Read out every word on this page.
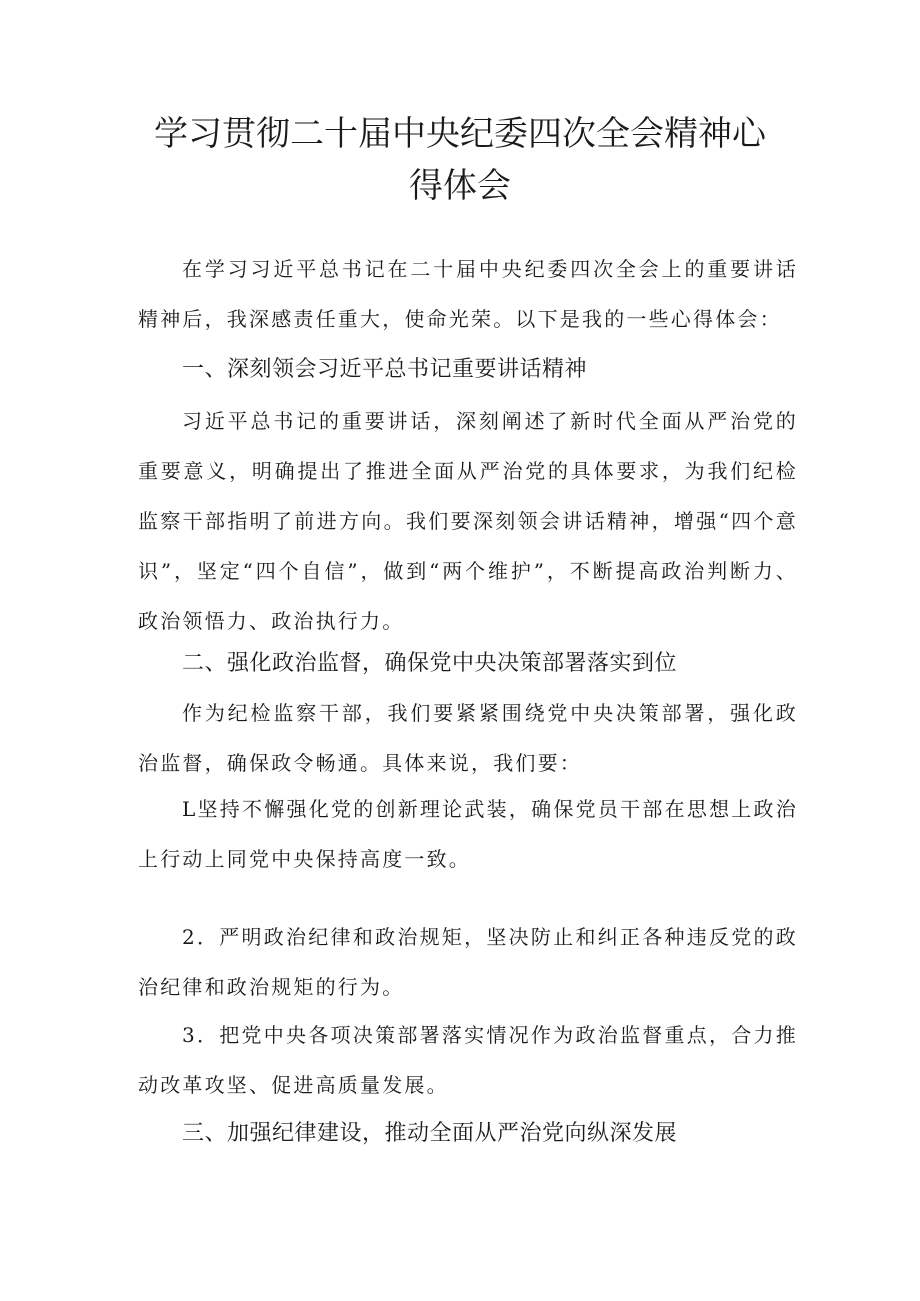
学习贯彻二十届中央纪委四次全会精神心
得体会

在学习习近平总书记在二十届中央纪委四次全会上的重要讲话精神后，我深感责任重大，使命光荣。以下是我的一些心得体会：

一、深刻领会习近平总书记重要讲话精神

习近平总书记的重要讲话，深刻阐述了新时代全面从严治党的重要意义，明确提出了推进全面从严治党的具体要求，为我们纪检监察干部指明了前进方向。我们要深刻领会讲话精神，增强“四个意识”，坚定“四个自信”，做到“两个维护”，不断提高政治判断力、政治领悟力、政治执行力。

二、强化政治监督，确保党中央决策部署落实到位

作为纪检监察干部，我们要紧紧围绕党中央决策部署，强化政治监督，确保政令畅通。具体来说，我们要：

L坚持不懈强化党的创新理论武装，确保党员干部在思想上政治上行动上同党中央保持高度一致。

2．严明政治纪律和政治规矩，坚决防止和纠正各种违反党的政治纪律和政治规矩的行为。

3．把党中央各项决策部署落实情况作为政治监督重点，合力推动改革攻坚、促进高质量发展。

三、加强纪律建设，推动全面从严治党向纵深发展
